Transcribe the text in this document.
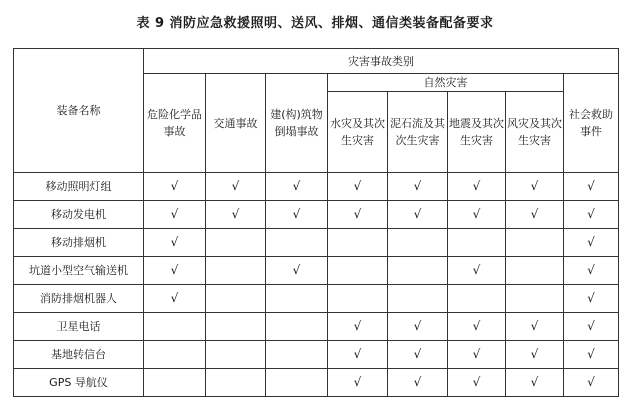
表 9 消防应急救援照明、送风、排烟、通信类装备配备要求
装备名称	灾害事故类别							
	危险化学品事故	交通事故	建(构)筑物倒塌事故	自然灾害				社会救助事件
				水灾及其次生灾害	泥石流及其次生灾害	地震及其次生灾害	风灾及其次生灾害	
移动照明灯组	√	√	√	√	√	√	√	√
移动发电机	√	√	√	√	√	√	√	√
移动排烟机	√							√
坑道小型空气输送机	√		√			√		√
消防排烟机器人	√							√
卫星电话				√	√	√	√	√
基地转信台				√	√	√	√	√
GPS 导航仪				√	√	√	√	√
